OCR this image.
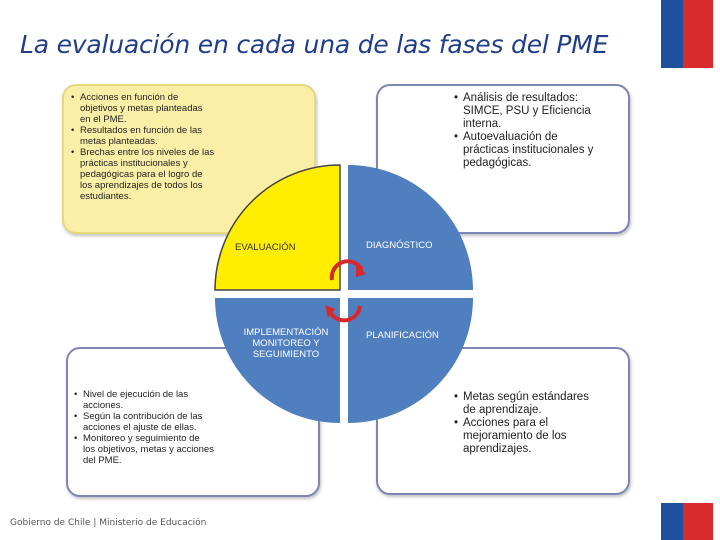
La evaluación en cada una de las fases del PME
• Acciones en función de
objetivos y metas planteadas
en el PME.
• Resultados en función de las
metas planteadas.
• Brechas entre los niveles de las
prácticas institucionales y
pedagógicas para el logro de
los aprendizajes de todos los
estudiantes.
• Análisis de resultados:
SIMCE, PSU y Eficiencia
interna.
• Autoevaluación de
prácticas institucionales y
pedagógicas.
• Nivel de ejecución de las
acciones.
• Según la contribución de las
acciones el ajuste de ellas.
• Monitoreo y seguimiento de
los objetivos, metas y acciones
del PME.
• Metas según estándares
de aprendizaje.
• Acciones para el
mejoramiento de los
aprendizajes.
EVALUACIÓN	DIAGNÓSTICO
IMPLEMENTACIÓN
MONITOREO Y
SEGUIMIENTO
PLANIFICACIÓN
Gobierno de Chile | Ministerio de Educación
